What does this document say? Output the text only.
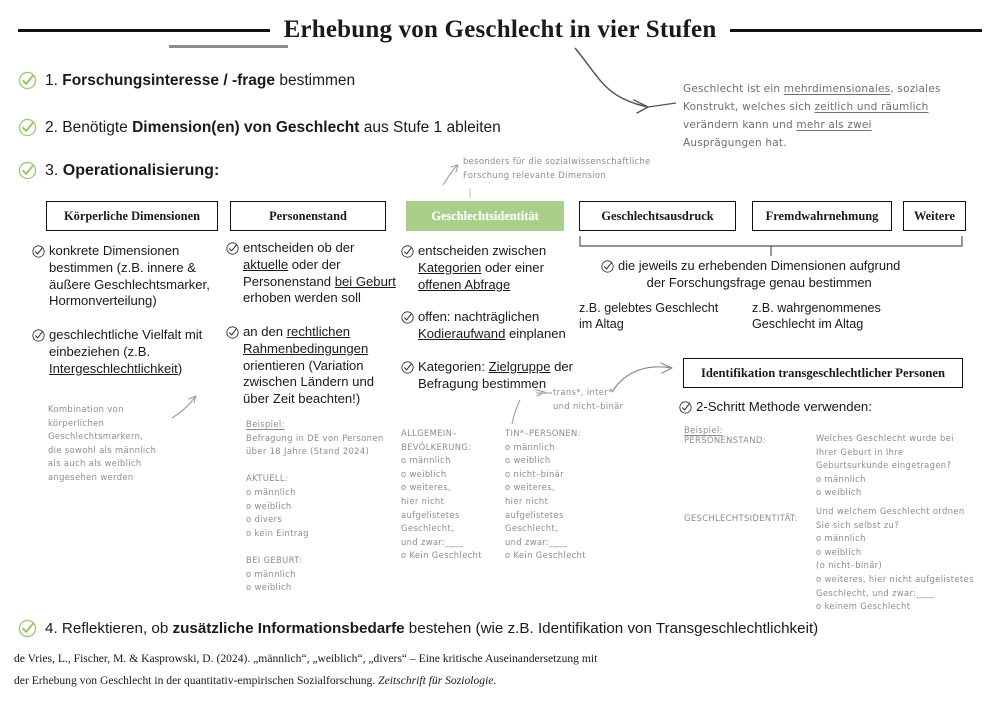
Erhebung von Geschlecht in vier Stufen
1. Forschungsinteresse / -frage bestimmen
2. Benötigte Dimension(en) von Geschlecht aus Stufe 1 ableiten
3. Operationalisierung:
Geschlecht ist ein mehrdimensionales, soziales
Konstrukt, welches sich zeitlich und räumlich
verändern kann und mehr als zwei
Ausprägungen hat.
besonders für die sozialwissenschaftliche
Forschung relevante Dimension
Körperliche Dimensionen	Personenstand	Geschlechtsidentität	Geschlechtsausdruck	Fremdwahrnehmung	Weitere
konkrete Dimensionen bestimmen (z.B. innere & äußere Geschlechtsmarker, Hormonverteilung)
geschlechtliche Vielfalt mit einbeziehen (z.B. Intergeschlechtlichkeit)
entscheiden ob der aktuelle oder der Personenstand bei Geburt erhoben werden soll
an den rechtlichen Rahmenbedingungen orientieren (Variation zwischen Ländern und über Zeit beachten!)
entscheiden zwischen Kategorien oder einer offenen Abfrage
offen: nachträglichen Kodieraufwand einplanen
Kategorien: Zielgruppe der Befragung bestimmen
die jeweils zu erhebenden Dimensionen aufgrund
der Forschungsfrage genau bestimmen
z.B. gelebtes Geschlecht
im Altag
z.B. wahrgenommenes
Geschlecht im Altag
Kombination von
körperlichen
Geschlechtsmarkern,
die sowohl als männlich
als auch als weiblich
angesehen werden
Beispiel:
Befragung in DE von Personen
über 18 Jahre (Stand 2024)

AKTUELL:
o männlich
o weiblich
o divers
o kein Eintrag

BEI GEBURT:
o männlich
o weiblich
ALLGEMEIN–
BEVÖLKERUNG:
o männlich
o weiblich
o weiteres,
hier nicht
aufgelistetes
Geschlecht,
und zwar:____
o Kein Geschlecht
TIN*–PERSONEN:
o männlich
o weiblich
o nicht–binär
o weiteres,
hier nicht
aufgelistetes
Geschlecht,
und zwar:____
o Kein Geschlecht
trans*, inter*
und nicht–binär
Identifikation transgeschlechtlicher Personen
2-Schritt Methode verwenden:
Beispiel:
PERSONENSTAND:	Welches Geschlecht wurde bei
Ihrer Geburt in Ihre
Geburtsurkunde eingetragen?
o männlich
o weiblich
GESCHLECHTSIDENTITÄT:
Und welchem Geschlecht ordnen
Sie sich selbst zu?
o männlich
o weiblich
(o nicht–binär)
o weiteres, hier nicht aufgelistetes
Geschlecht, und zwar:____
o keinem Geschlecht
4. Reflektieren, ob zusätzliche Informationsbedarfe bestehen (wie z.B. Identifikation von Transgeschlechtlichkeit)
de Vries, L., Fischer, M. & Kasprowski, D. (2024). „männlich“, „weiblich“, „divers“ – Eine kritische Auseinandersetzung mit
der Erhebung von Geschlecht in der quantitativ-empirischen Sozialforschung. Zeitschrift für Soziologie.
